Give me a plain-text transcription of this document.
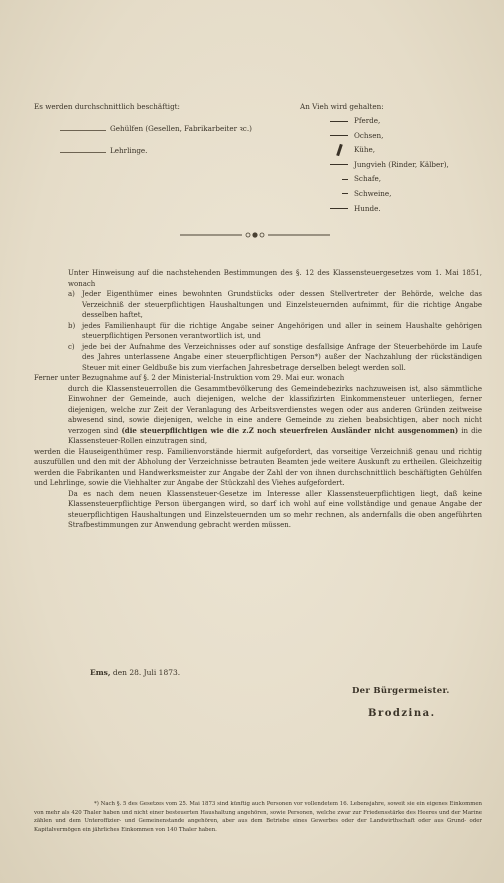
Es werden durchschnittlich beschäftigt:
Gehülfen (Gesellen, Fabrikarbeiter ꝛc.)
Lehrlinge.
An Vieh wird gehalten:
Pferde,
Ochsen,
Kühe,
Jungvieh (Rinder, Kälber),
Schafe,
Schweine,
Hunde.

Unter Hinweisung auf die nachstehenden Bestimmungen des §. 12 des Klassensteuergesetzes vom 1. Mai 1851, wonach

a)	Jeder Eigenthümer eines bewohnten Grundstücks oder dessen Stellvertreter der Behörde, welche das Verzeichniß der steuerpflichtigen Haushaltungen und Einzelsteuernden aufnimmt, für die richtige Angabe desselben haftet,
b) jedes Familienhaupt für die richtige Angabe seiner Angehörigen und aller in seinem Haushalte gehörigen steuerpflichtigen Personen verantwortlich ist, und
c)	jede bei der Aufnahme des Verzeichnisses oder auf sonstige desfallsige Anfrage der Steuerbehörde im Laufe des Jahres unterlassene Angabe einer steuerpflichtigen Person*) außer der Nachzahlung der rückständigen Steuer mit einer Geldbuße bis zum vierfachen Jahresbetrage derselben belegt werden soll.

Ferner unter Bezugnahme auf §. 2 der Ministerial-Instruktion vom 29. Mai eur. wonach

durch die Klassensteuerrollen die Gesammtbevölkerung des Gemeindebezirks nachzuweisen ist, also sämmtliche Einwohner der Gemeinde, auch diejenigen, welche der klassifizirten Einkommensteuer unterliegen, ferner diejenigen, welche zur Zeit der Veranlagung des Arbeitsverdienstes wegen oder aus anderen Gründen zeitweise abwesend sind, sowie diejenigen, welche in eine andere Gemeinde zu ziehen beabsichtigen, aber noch nicht verzogen sind (die steuerpflichtigen wie die z.Z noch steuerfreien Ausländer nicht ausgenommen) in die Klassensteuer-Rollen einzutragen sind,

werden die Hauseigenthümer resp. Familienvorstände hiermit aufgefordert, das vorseitige Verzeichniß genau und richtig auszufüllen und den mit der Abholung der Verzeichnisse betrauten Beamten jede weitere Auskunft zu ertheilen. Gleichzeitig werden die Fabrikanten und Handwerksmeister zur Angabe der Zahl der von ihnen durchschnittlich beschäftigten Gehülfen und Lehrlinge, sowie die Viehhalter zur Angabe der Stückzahl des Viehes aufgefordert.

Da es nach dem neuen Klassensteuer-Gesetze im Interesse aller Klassensteuerpflichtigen liegt, daß keine Klassensteuerpflichtige Person übergangen wird, so darf ich wohl auf eine vollständige und genaue Angabe der steuerpflichtigen Haushaltungen und Einzelsteuernden um so mehr rechnen, als andernfalls die oben angeführten Strafbestimmungen zur Anwendung gebracht werden müssen.

Ems, den 28. Juli 1873.
Der Bürgermeister.
Brodzina.
*) Nach §. 5 des Gesetzes vom 25. Mai 1873 sind künftig auch Personen vor vollendetem 16. Lebensjahre, soweit sie ein eigenes Einkommen von mehr als 420 Thaler haben und nicht einer besteuerten Haushaltung angehören, sowie Personen, welche zwar zur Friedensstärke des Heeres und der Marine zählen und dem Unteroffizier- und Gemeinenstande angehören, aber aus dem Betriebe eines Gewerbes oder der Landwirthschaft oder aus Grund- oder Kapitalvermögen ein jährliches Einkommen von 140 Thaler haben.
